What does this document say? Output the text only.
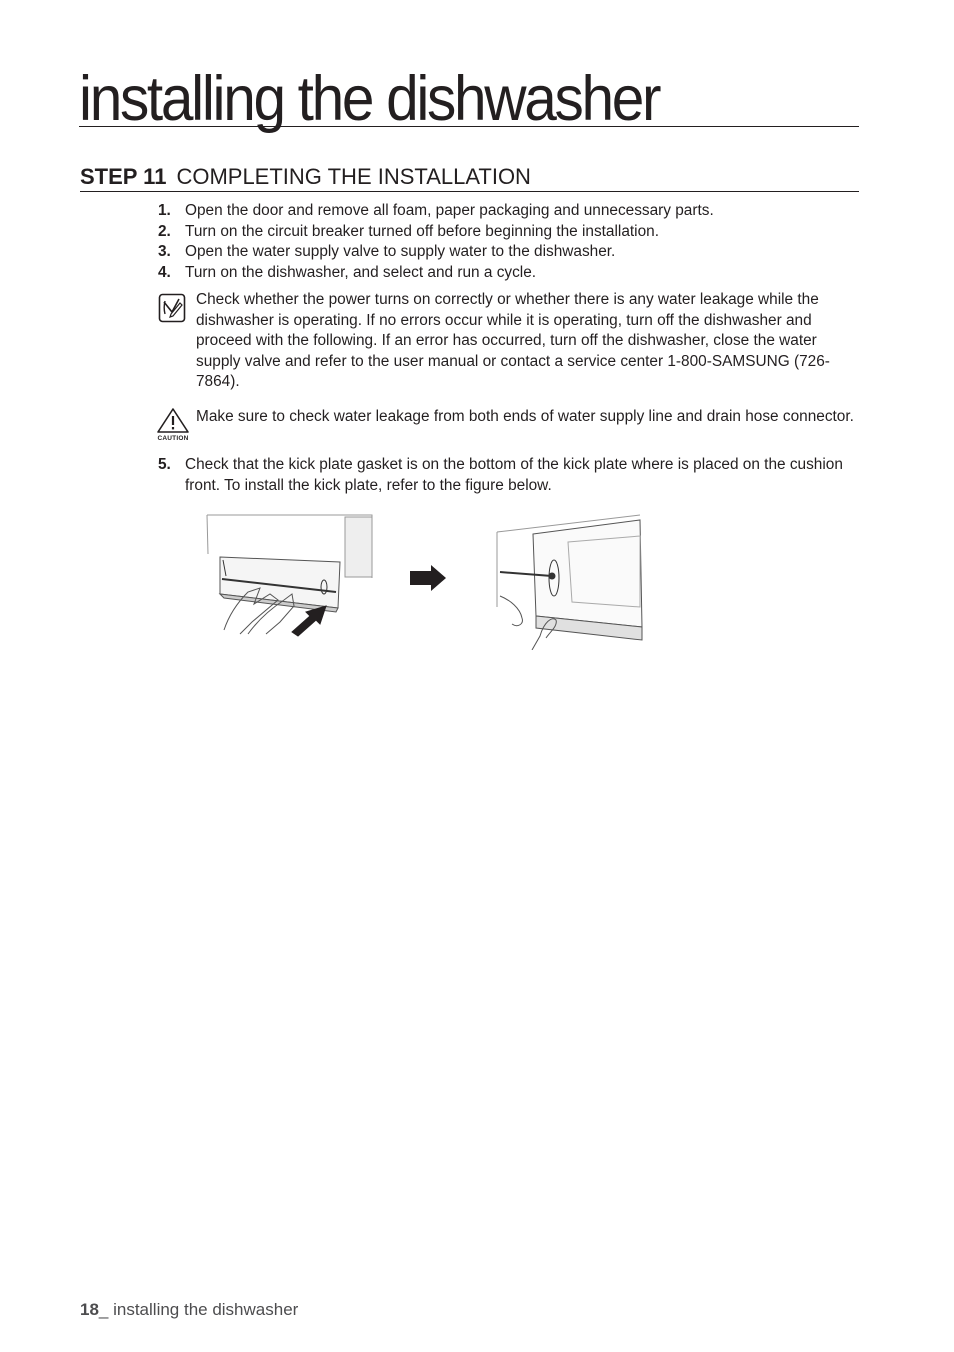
installing the dishwasher
STEP 11 COMPLETING THE INSTALLATION
1. Open the door and remove all foam, paper packaging and unnecessary parts.
2. Turn on the circuit breaker turned off before beginning the installation.
3. Open the water supply valve to supply water to the dishwasher.
4. Turn on the dishwasher, and select and run a cycle.
Check whether the power turns on correctly or whether there is any water leakage while the dishwasher is operating. If no errors occur while it is operating, turn off the dishwasher and proceed with the following. If an error has occurred, turn off the dishwasher, close the water supply valve and refer to the user manual or contact a service center 1-800-SAMSUNG (726-7864).
CAUTION
Make sure to check water leakage from both ends of water supply line and drain hose connector.
5. Check that the kick plate gasket is on the bottom of the kick plate where is placed on the cushion front. To install the kick plate, refer to the figure below.
18_ installing the dishwasher
